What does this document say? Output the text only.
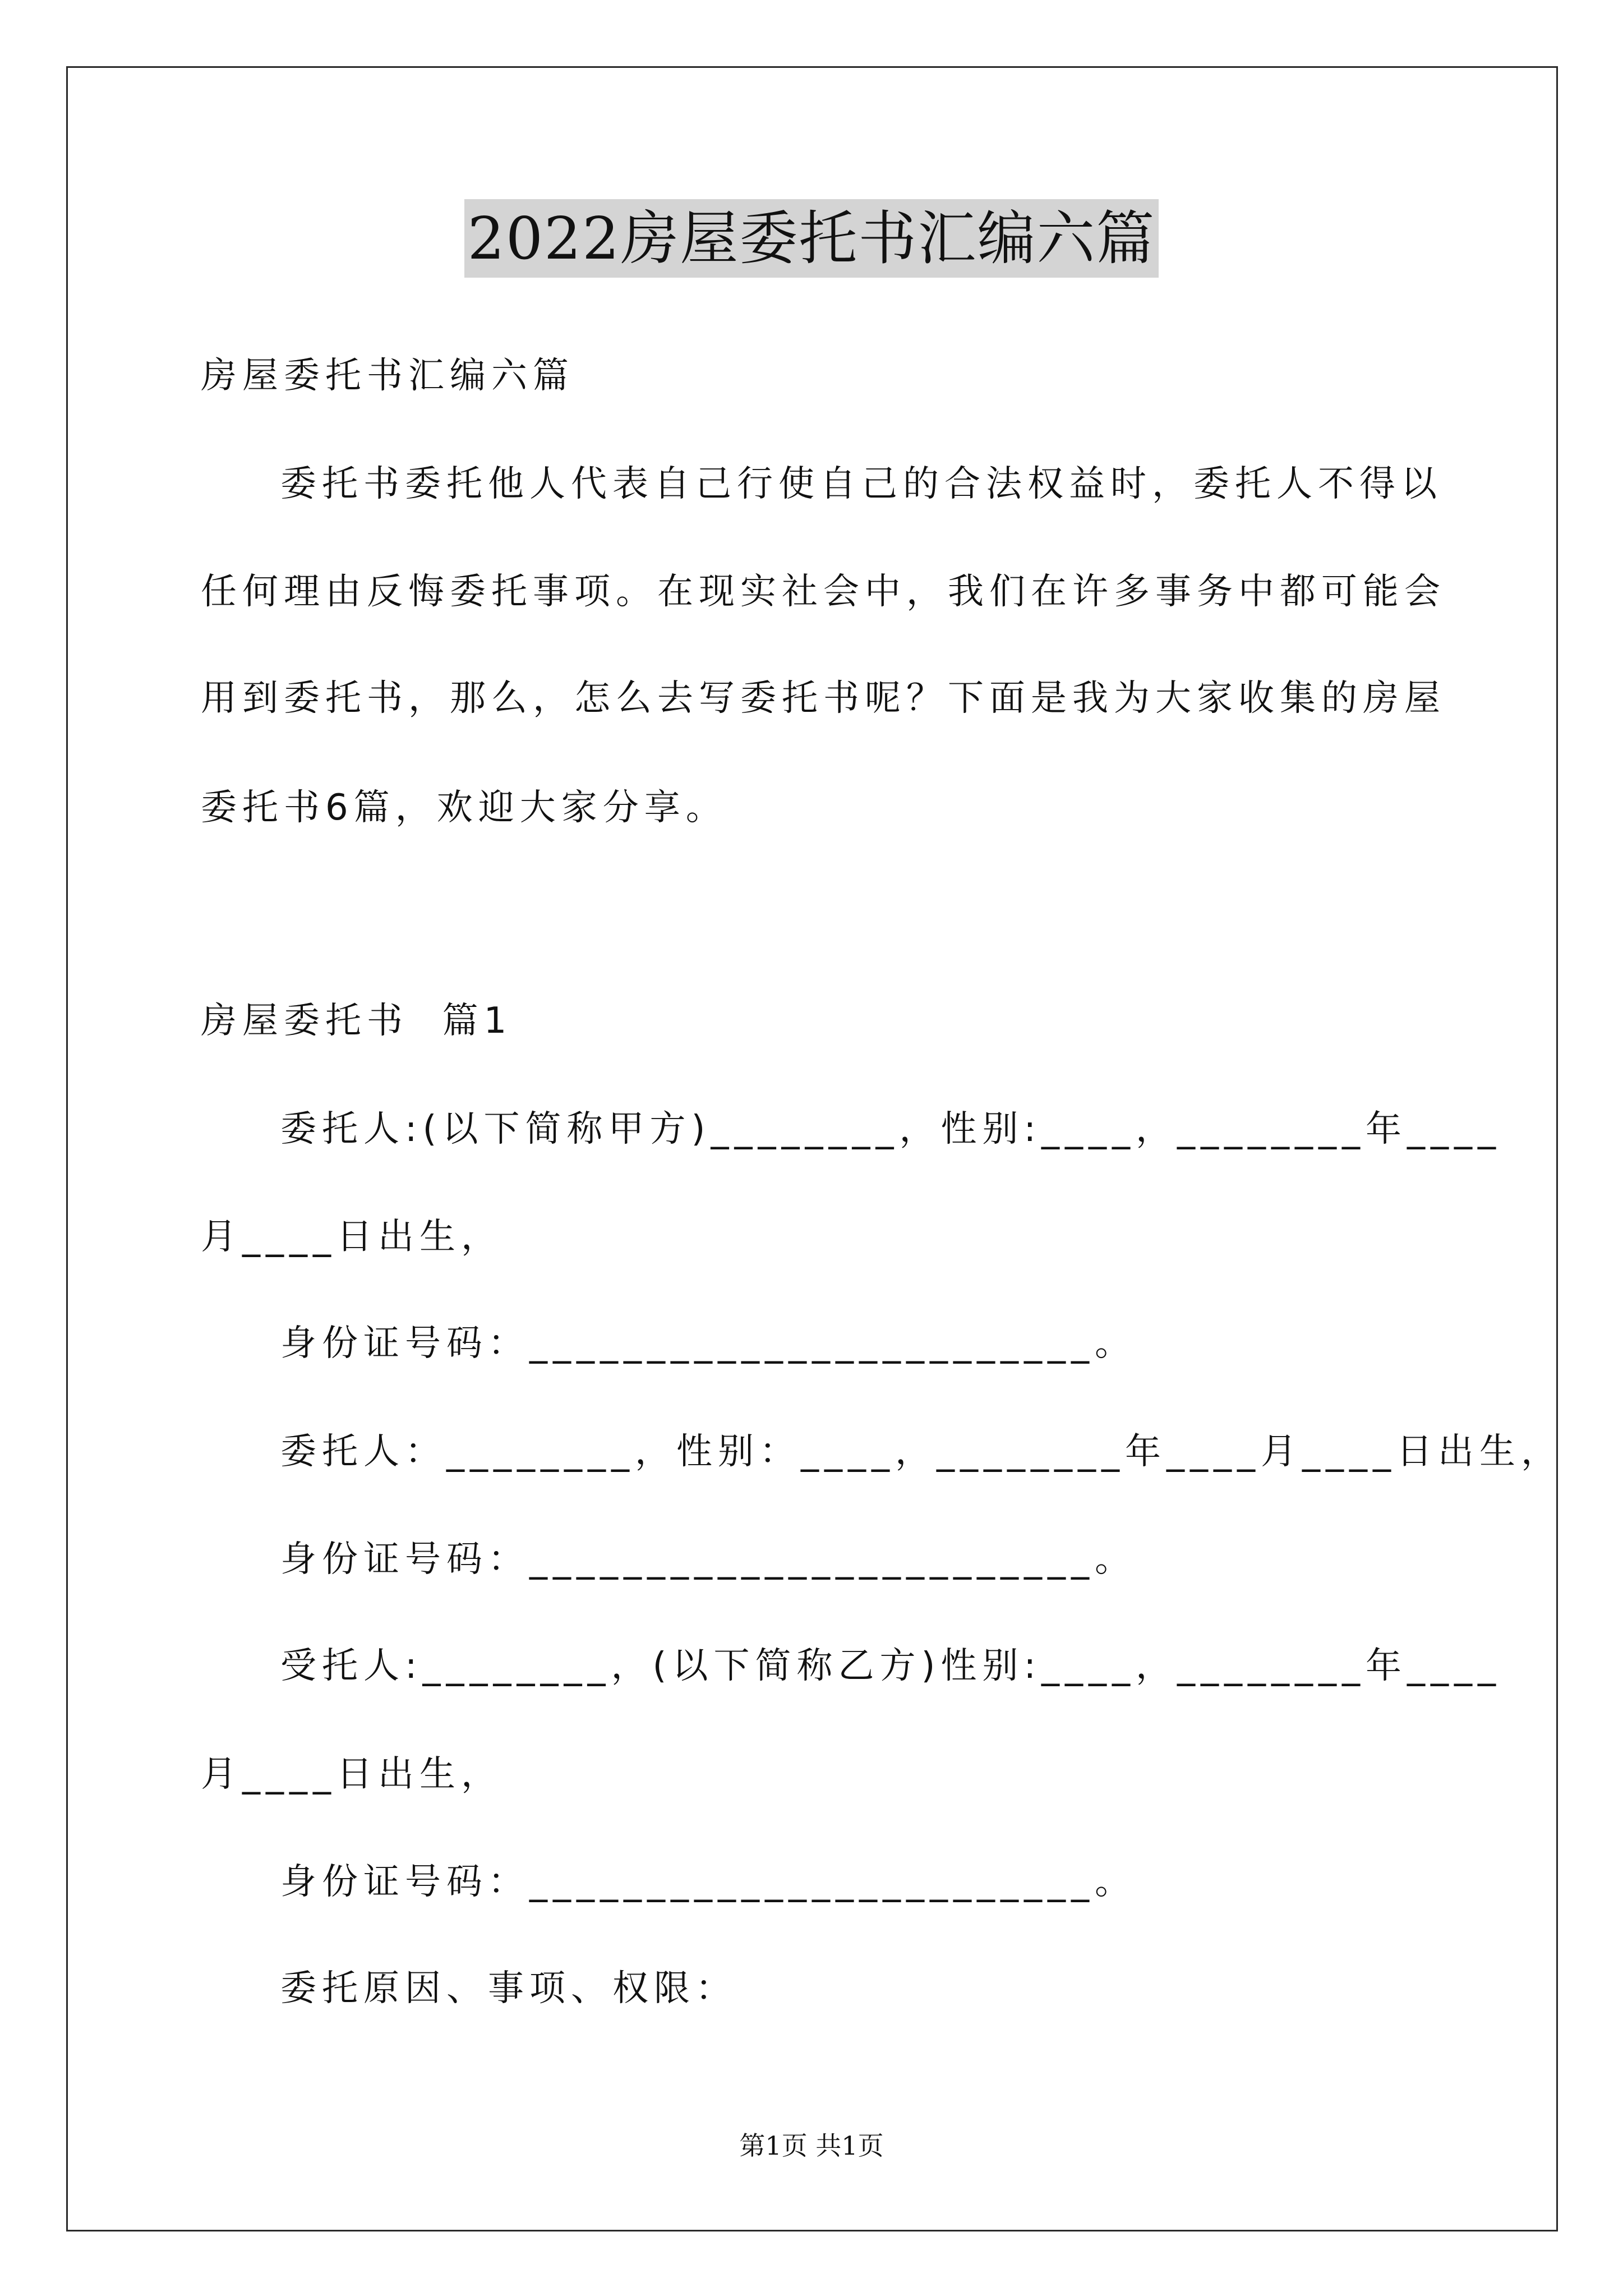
2022房屋委托书汇编六篇
房屋委托书汇编六篇
委托书委托他人代表自己行使自己的合法权益时，委托人不得以
任何理由反悔委托事项。在现实社会中，我们在许多事务中都可能会
用到委托书，那么，怎么去写委托书呢？下面是我为大家收集的房屋
委托书6篇，欢迎大家分享。
房屋委托书  篇1
委托人:(以下简称甲方)________，性别:____，________年____
月____日出生，
身份证号码：________________________。
委托人：________，性别：____，________年____月____日出生，
身份证号码：________________________。
受托人:________，(以下简称乙方)性别:____，________年____
月____日出生，
身份证号码：________________________。
委托原因、事项、权限：
第1页 共1页
